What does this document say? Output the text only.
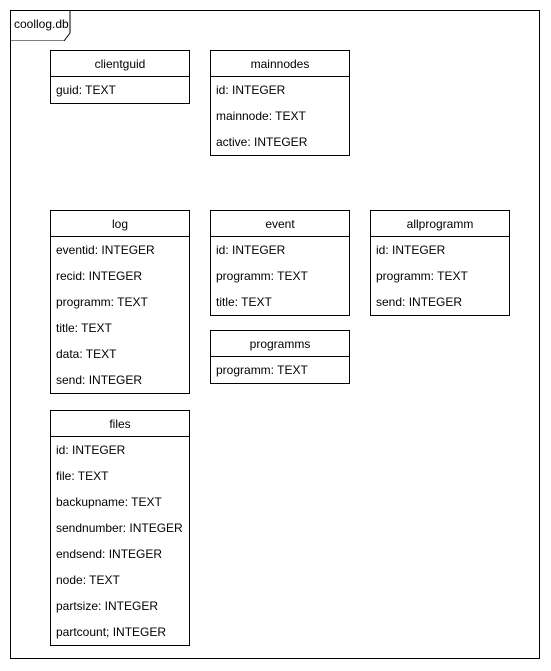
coollog.db
clientguid
guid: TEXT
mainnodes
id: INTEGER
mainnode: TEXT
active: INTEGER
log
eventid: INTEGER
recid: INTEGER
programm: TEXT
title: TEXT
data: TEXT
send: INTEGER
event
id: INTEGER
programm: TEXT
title: TEXT
allprogramm
id: INTEGER
programm: TEXT
send: INTEGER
programms
programm: TEXT
files
id: INTEGER
file: TEXT
backupname: TEXT
sendnumber: INTEGER
endsend: INTEGER
node: TEXT
partsize: INTEGER
partcount; INTEGER
